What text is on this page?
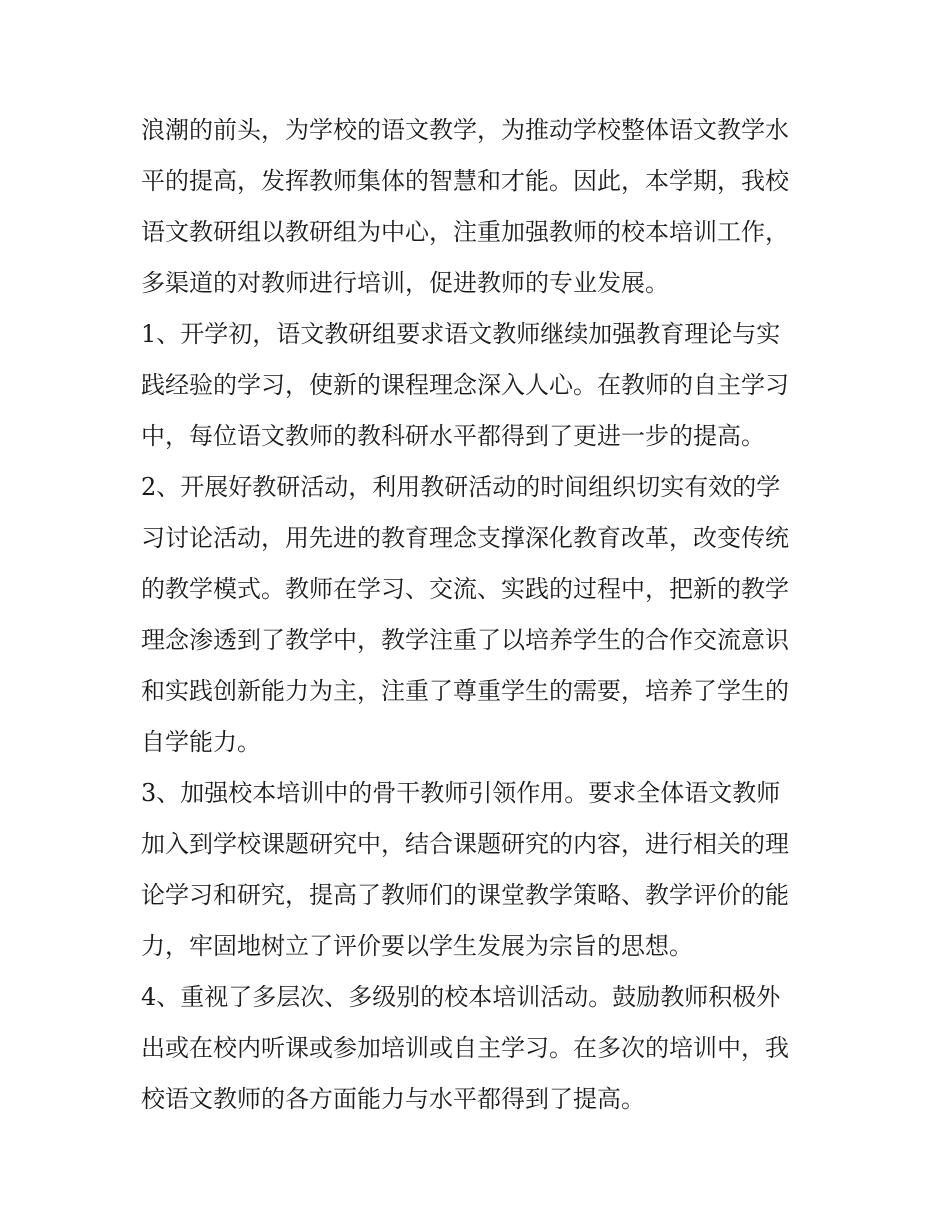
浪潮的前头，为学校的语文教学，为推动学校整体语文教学水
平的提高，发挥教师集体的智慧和才能。因此，本学期，我校
语文教研组以教研组为中心，注重加强教师的校本培训工作，
多渠道的对教师进行培训，促进教师的专业发展。
1、开学初，语文教研组要求语文教师继续加强教育理论与实
践经验的学习，使新的课程理念深入人心。在教师的自主学习
中，每位语文教师的教科研水平都得到了更进一步的提高。
2、开展好教研活动，利用教研活动的时间组织切实有效的学
习讨论活动，用先进的教育理念支撑深化教育改革，改变传统
的教学模式。教师在学习、交流、实践的过程中，把新的教学
理念渗透到了教学中，教学注重了以培养学生的合作交流意识
和实践创新能力为主，注重了尊重学生的需要，培养了学生的
自学能力。
3、加强校本培训中的骨干教师引领作用。要求全体语文教师
加入到学校课题研究中，结合课题研究的内容，进行相关的理
论学习和研究，提高了教师们的课堂教学策略、教学评价的能
力，牢固地树立了评价要以学生发展为宗旨的思想。
4、重视了多层次、多级别的校本培训活动。鼓励教师积极外
出或在校内听课或参加培训或自主学习。在多次的培训中，我
校语文教师的各方面能力与水平都得到了提高。
